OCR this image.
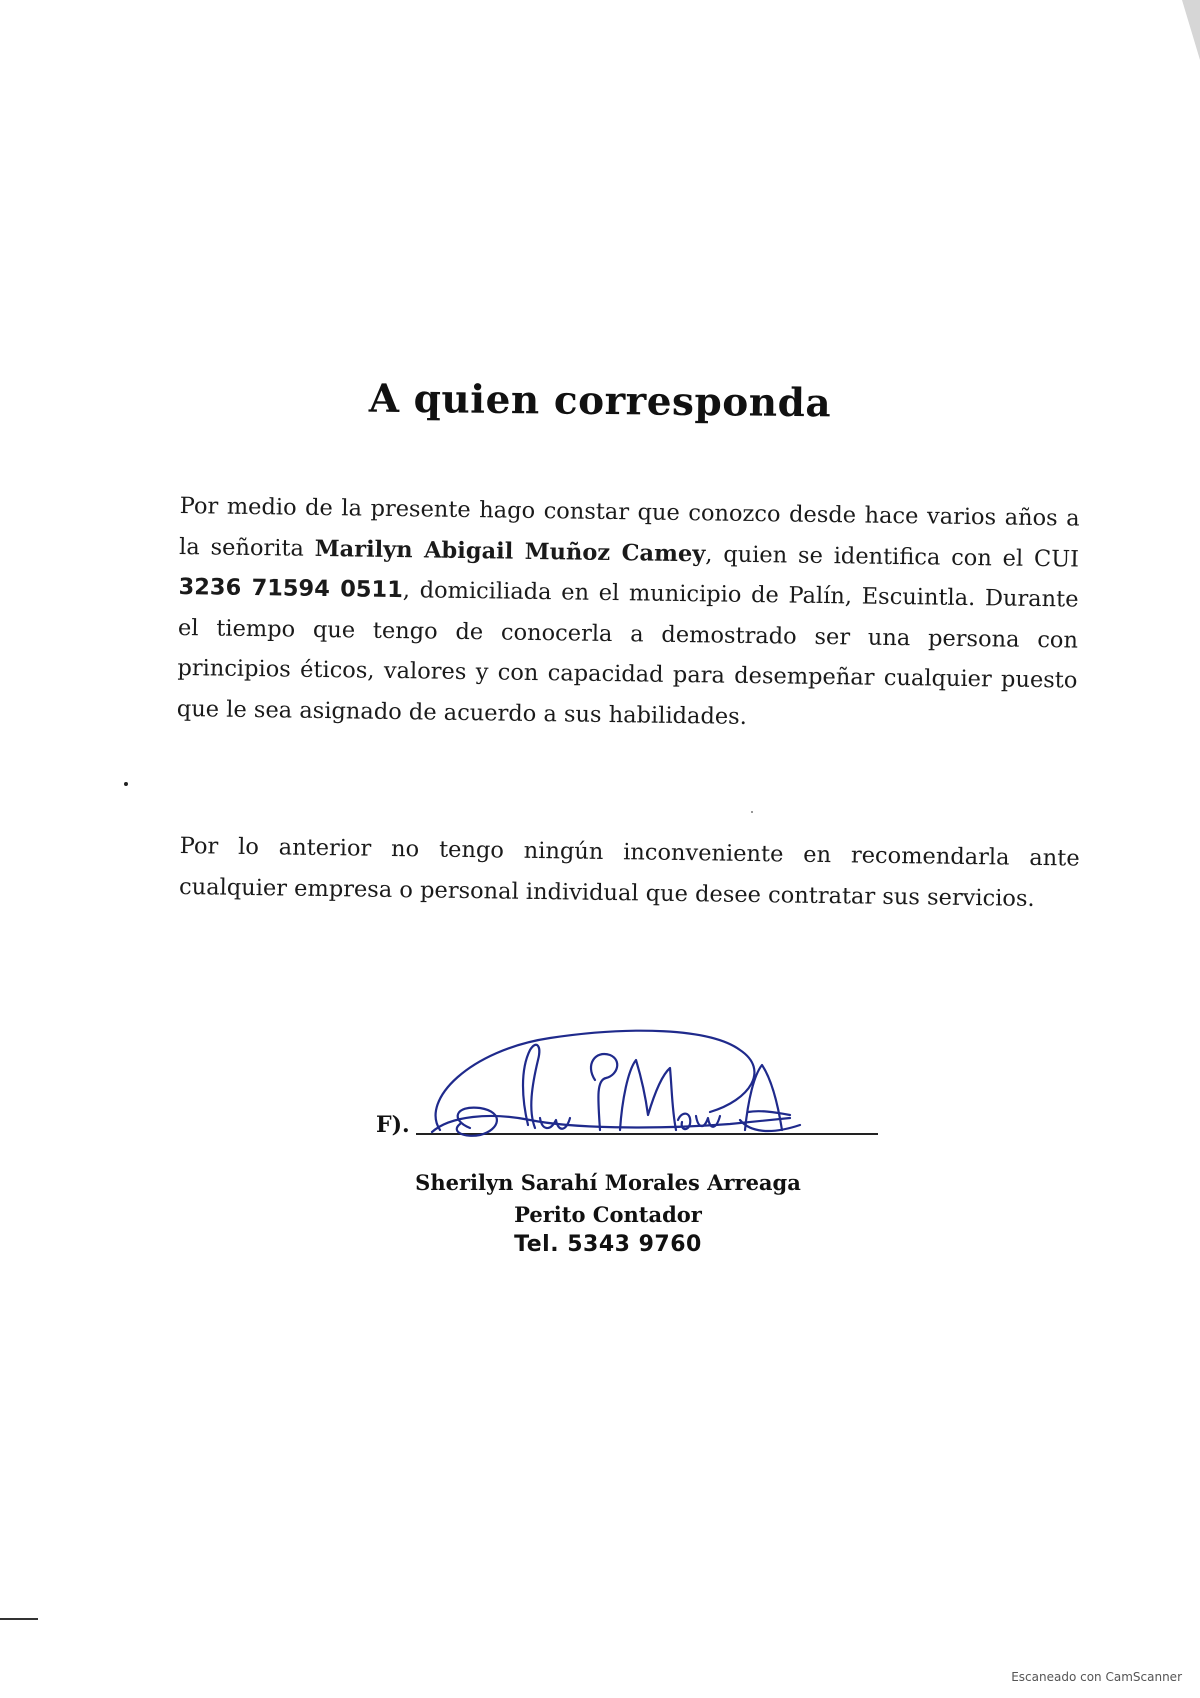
A quien corresponda
Por medio de la presente hago constar que conozco desde hace varios años a la señorita Marilyn Abigail Muñoz Camey, quien se identifica con el CUI 3236 71594 0511, domiciliada en el municipio de Palín, Escuintla. Durante el tiempo que tengo de conocerla a demostrado ser una persona con principios éticos, valores y con capacidad para desempeñar cualquier puesto que le sea asignado de acuerdo a sus habilidades.
Por lo anterior no tengo ningún inconveniente en recomendarla ante cualquier empresa o personal individual que desee contratar sus servicios.
F).
Sherilyn Sarahí Morales Arreaga
Perito Contador
Tel. 5343 9760
Escaneado con CamScanner
